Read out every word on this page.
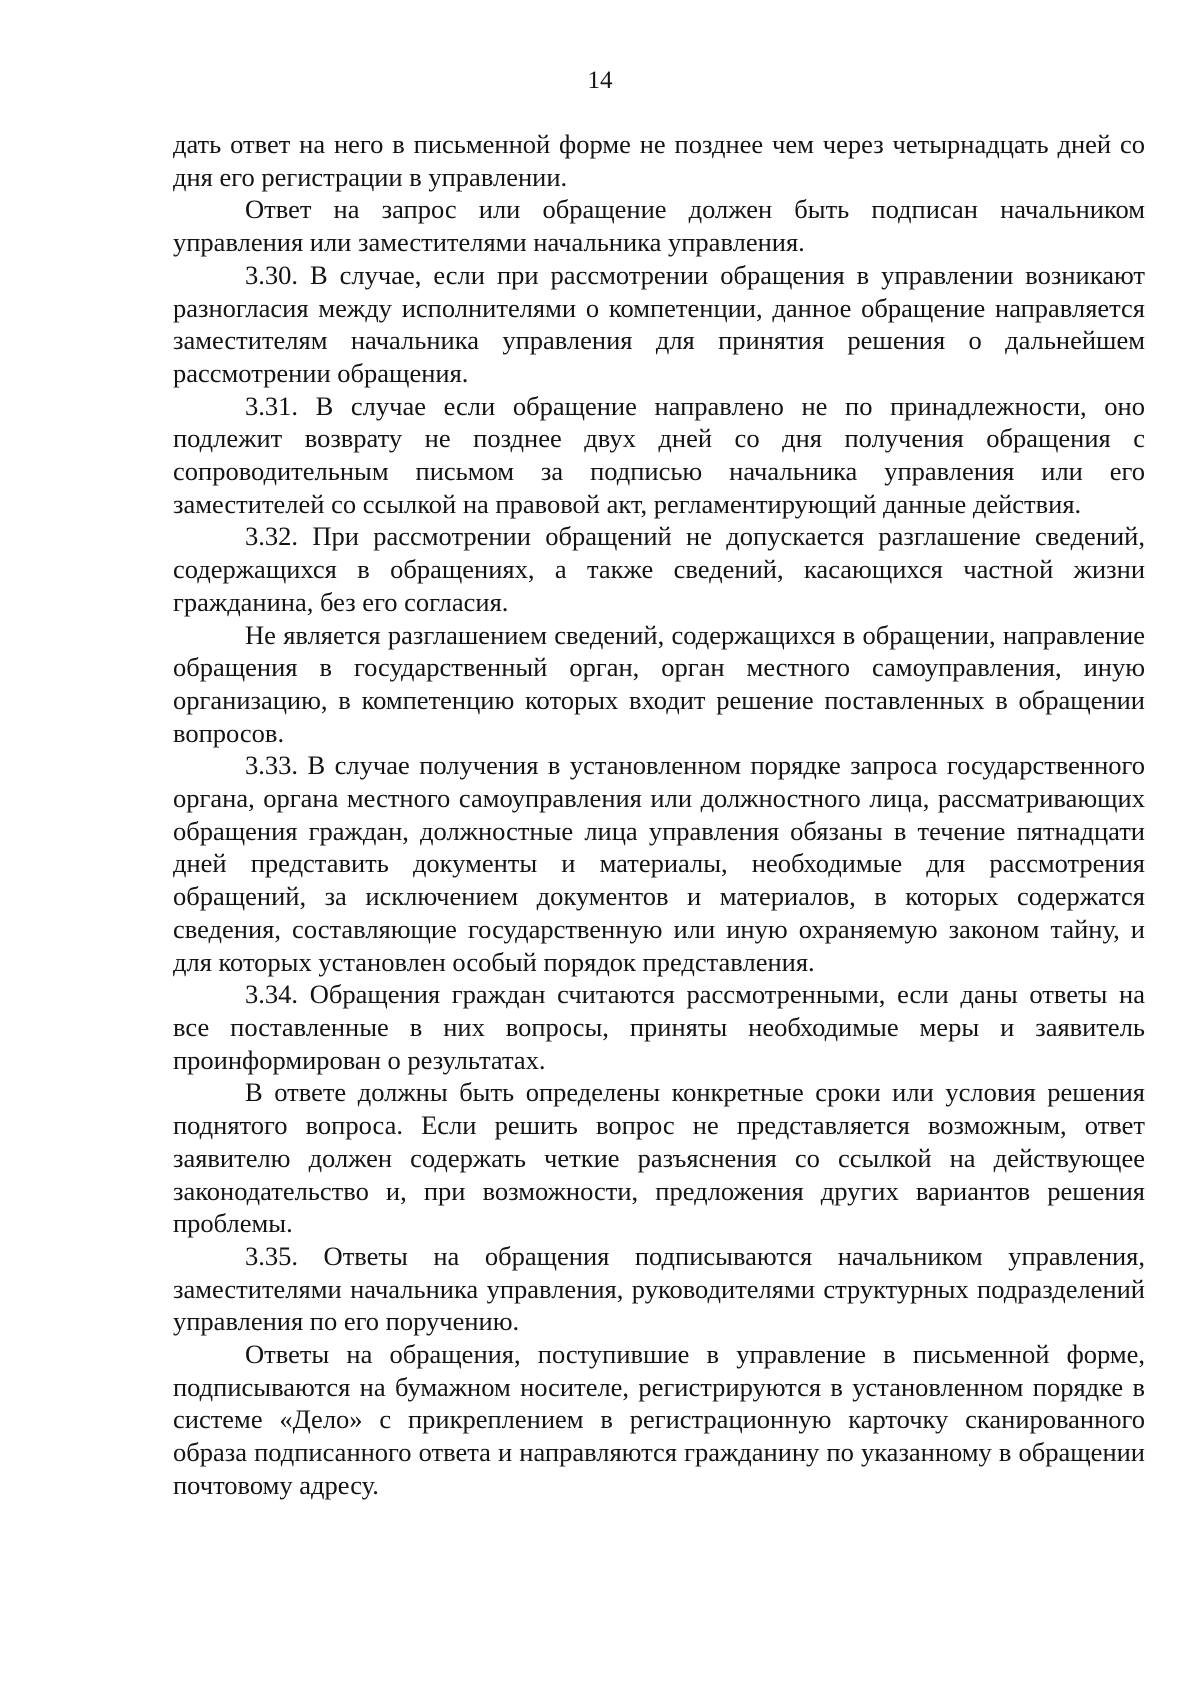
14

дать ответ на него в письменной форме не позднее чем через четырнадцать дней со дня его регистрации в управлении.

Ответ на запрос или обращение должен быть подписан начальником управления или заместителями начальника управления.

3.30. В случае, если при рассмотрении обращения в управлении возникают разногласия между исполнителями о компетенции, данное обращение направляется заместителям начальника управления для принятия решения о дальнейшем рассмотрении обращения.

3.31. В случае если обращение направлено не по принадлежности, оно подлежит возврату не позднее двух дней со дня получения обращения с сопроводительным письмом за подписью начальника управления или его заместителей со ссылкой на правовой акт, регламентирующий данные действия.

3.32. При рассмотрении обращений не допускается разглашение сведений, содержащихся в обращениях, а также сведений, касающихся частной жизни гражданина, без его согласия.

Не является разглашением сведений, содержащихся в обращении, направление обращения в государственный орган, орган местного самоуправления, иную организацию, в компетенцию которых входит решение поставленных в обращении вопросов.

3.33. В случае получения в установленном порядке запроса государственного органа, органа местного самоуправления или должностного лица, рассматривающих обращения граждан, должностные лица управления обязаны в течение пятнадцати дней представить документы и материалы, необходимые для рассмотрения обращений, за исключением документов и материалов, в которых содержатся сведения, составляющие государственную или иную охраняемую законом тайну, и для которых установлен особый порядок представления.

3.34. Обращения граждан считаются рассмотренными, если даны ответы на все поставленные в них вопросы, приняты необходимые меры и заявитель проинформирован о результатах.

В ответе должны быть определены конкретные сроки или условия решения поднятого вопроса. Если решить вопрос не представляется возможным, ответ заявителю должен содержать четкие разъяснения со ссылкой на действующее законодательство и, при возможности, предложения других вариантов решения проблемы.

3.35. Ответы на обращения подписываются начальником управления, заместителями начальника управления, руководителями структурных подразделений управления по его поручению.

Ответы на обращения, поступившие в управление в письменной форме, подписываются на бумажном носителе, регистрируются в установленном порядке в системе «Дело» с прикреплением в регистрационную карточку сканированного образа подписанного ответа и направляются гражданину по указанному в обращении почтовому адресу.
